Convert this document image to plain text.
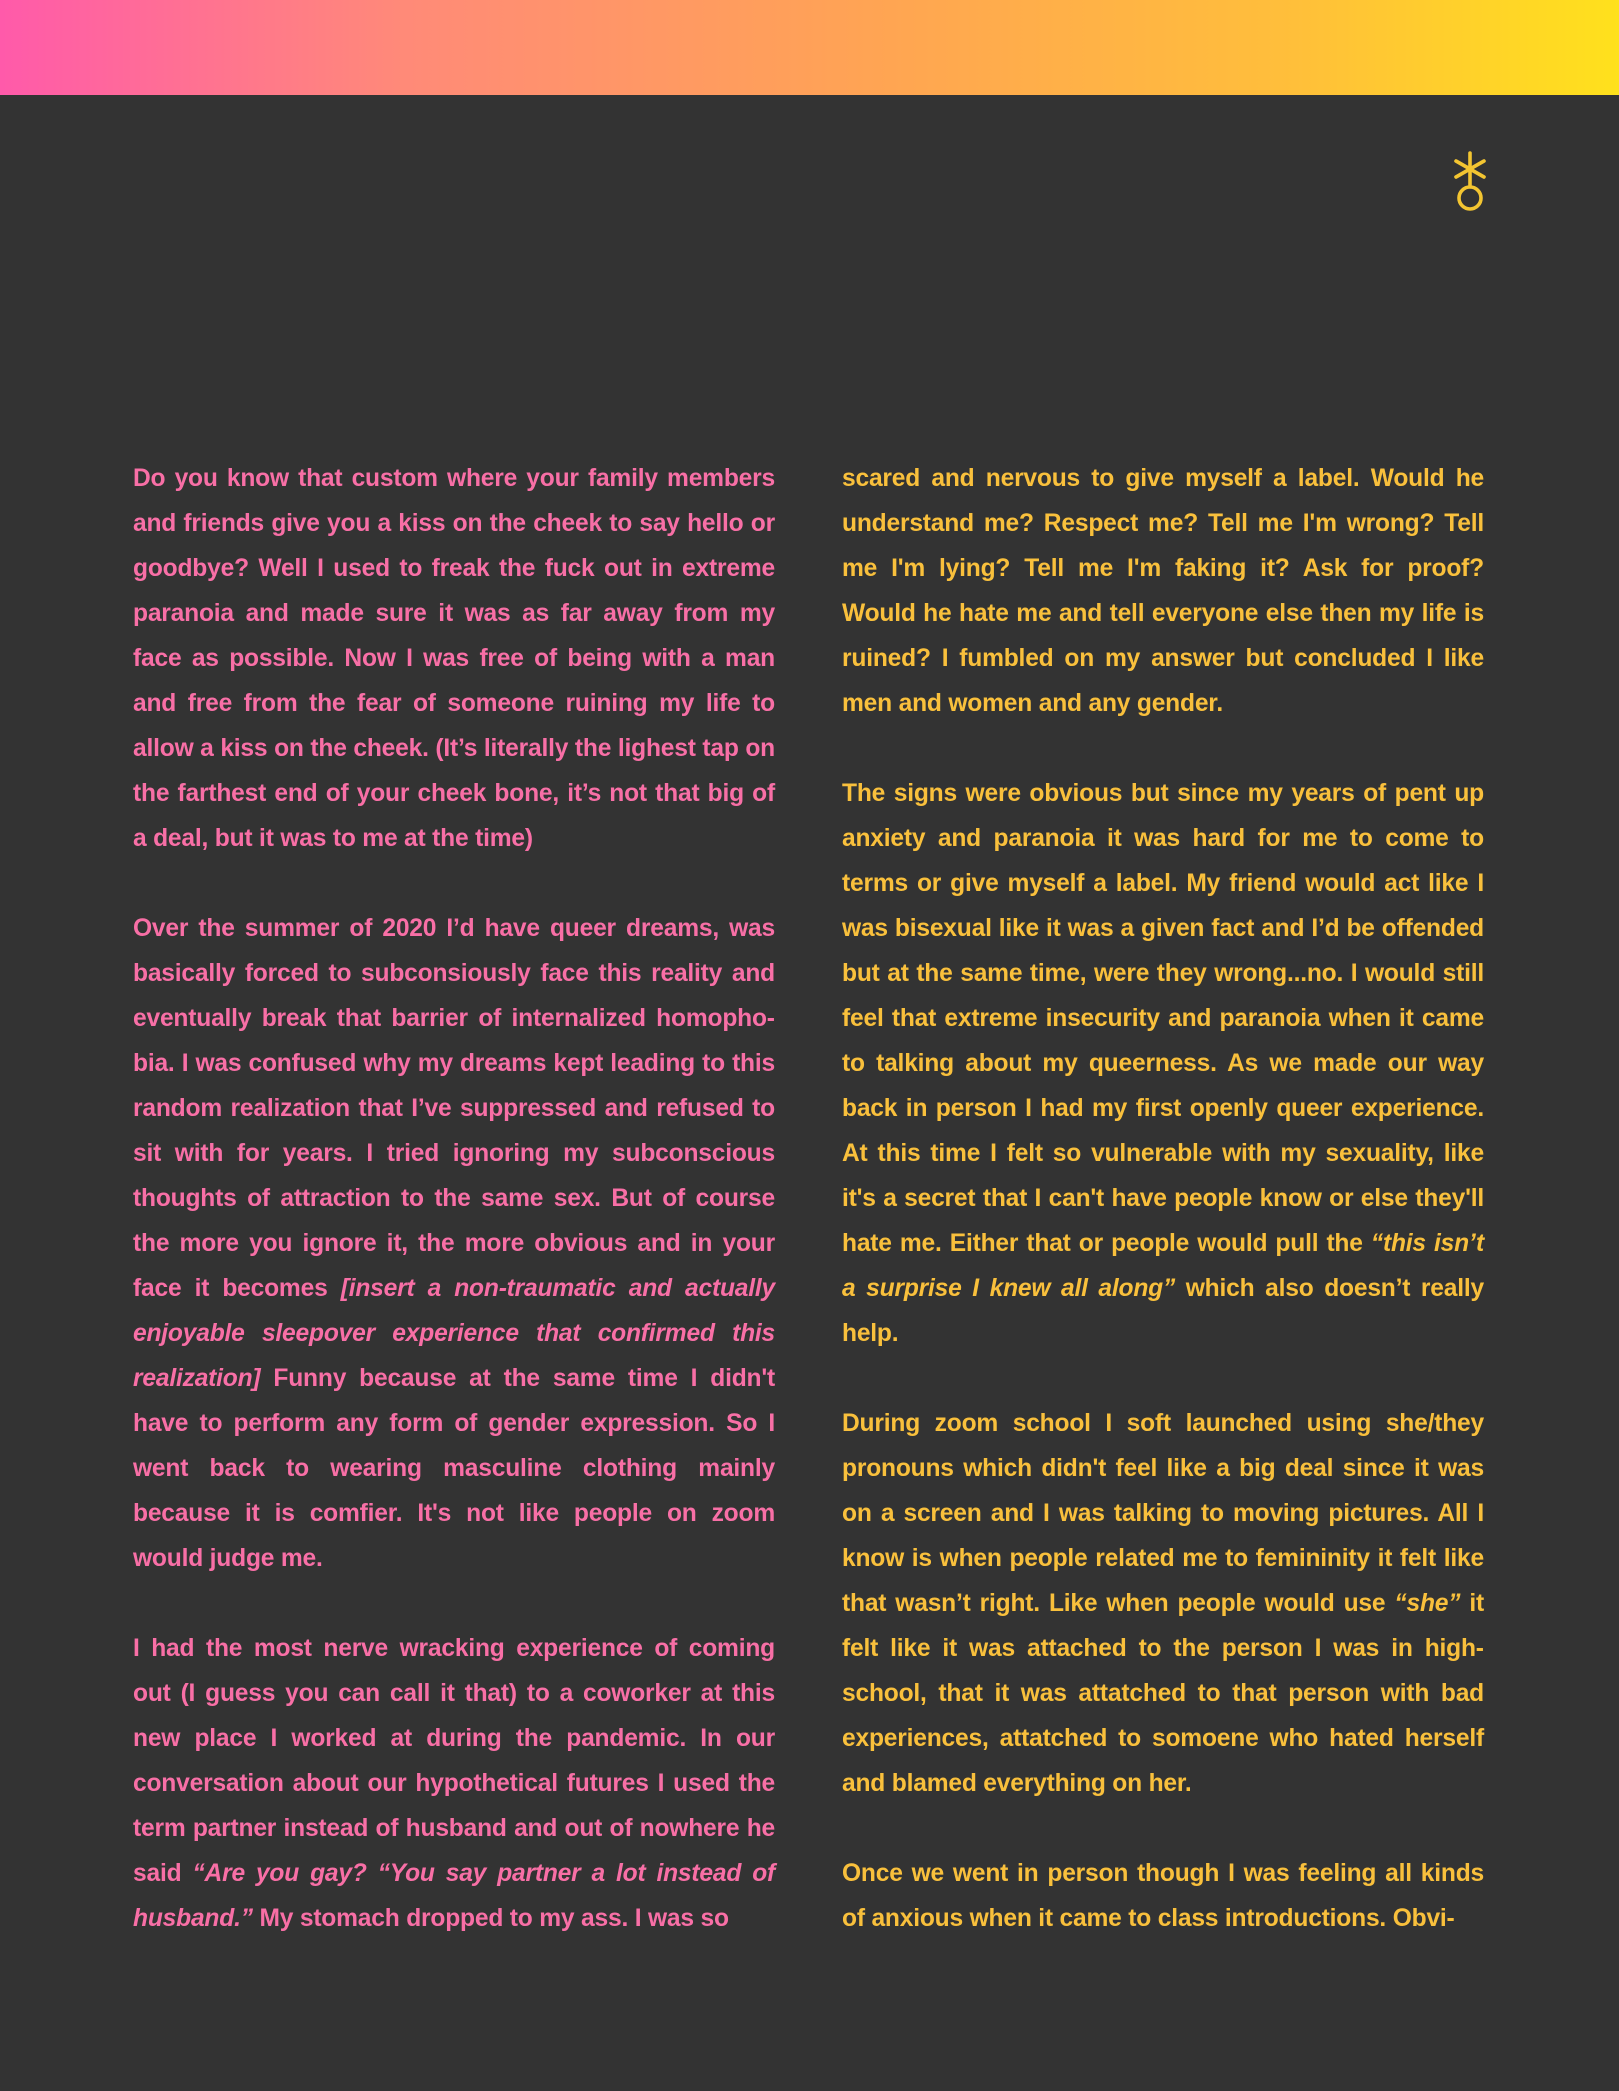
Do you know that custom where your family members and friends give you a kiss on the cheek to say hello or goodbye? Well I used to freak the fuck out in extreme paranoia and made sure it was as far away from my face as possible. Now I was free of being with a man and free from the fear of someone ruining my life to allow a kiss on the cheek. (It’s literally the lighest tap on the farthest end of your cheek bone, it’s not that big of a deal, but it was to me at the time)

Over the summer of 2020 I’d have queer dreams, was basically forced to subconsiously face this reality and eventually break that barrier of internalized homophobia. I was confused why my dreams kept leading to this random realization that I’ve suppressed and refused to sit with for years. I tried ignoring my subconscious thoughts of attraction to the same sex. But of course the more you ignore it, the more obvious and in your face it becomes [insert a non-traumatic and actually enjoyable sleepover experience that confirmed this realization] Funny because at the same time I didn't have to perform any form of gender expression. So I went back to wearing masculine clothing mainly because it is comfier. It's not like people on zoom would judge me.

I had the most nerve wracking experience of coming out (I guess you can call it that) to a coworker at this new place I worked at during the pandemic. In our conversation about our hypothetical futures I used the term partner instead of husband and out of nowhere he said “Are you gay? “You say partner a lot instead of husband.” My stomach dropped to my ass. I was so

scared and nervous to give myself a label. Would he understand me? Respect me? Tell me I'm wrong? Tell me I'm lying? Tell me I'm faking it? Ask for proof? Would he hate me and tell everyone else then my life is ruined? I fumbled on my answer but concluded I like men and women and any gender.

The signs were obvious but since my years of pent up anxiety and paranoia it was hard for me to come to terms or give myself a label. My friend would act like I was bisexual like it was a given fact and I’d be offended but at the same time, were they wrong...no. I would still feel that extreme insecurity and paranoia when it came to talking about my queerness. As we made our way back in person I had my first openly queer experience. At this time I felt so vulnerable with my sexuality, like it's a secret that I can't have people know or else they'll hate me. Either that or people would pull the “this isn’t a surprise I knew all along” which also doesn’t really help.

During zoom school I soft launched using she/they pronouns which didn't feel like a big deal since it was on a screen and I was talking to moving pictures. All I know is when people related me to femininity it felt like that wasn’t right. Like when people would use “she” it felt like it was attached to the person I was in highschool, that it was attatched to that person with bad experiences, attatched to somoene who hated herself and blamed everything on her.

Once we went in person though I was feeling all kinds of anxious when it came to class introductions. Obvi-
